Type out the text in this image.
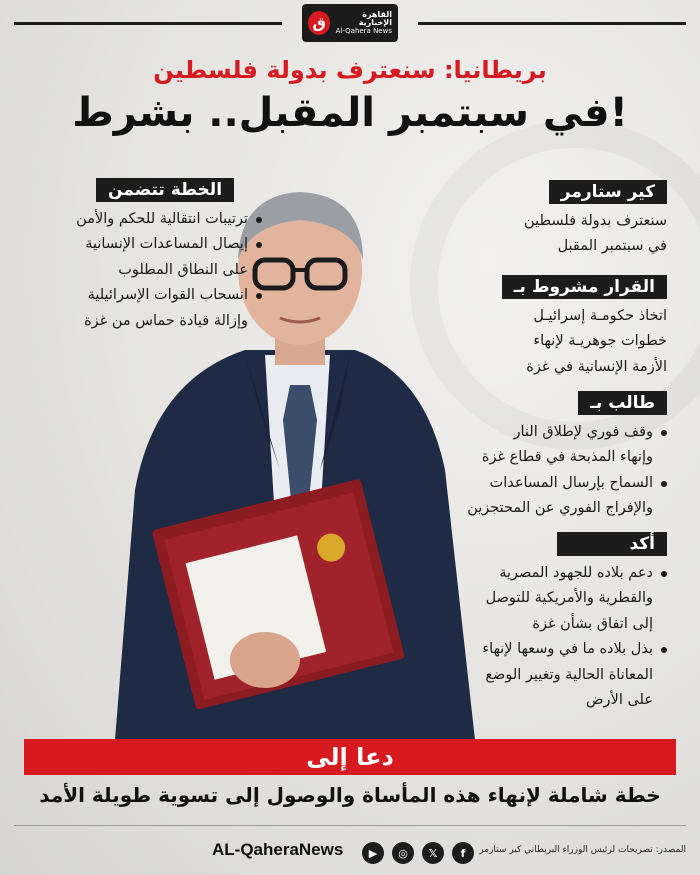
ق	القاهرة الإخبارية
Al-Qahera News
بريطانيا: سنعترف بدولة فلسطين
في سبتمبر المقبل.. بشرط!
الخطة تتضمن
ترتيبات انتقالية للحكم والأمن
إيصال المساعدات الإنسانية
على النطاق المطلوب
انسحاب القوات الإسرائيلية
وإزالة قيادة حماس من غزة
كير ستارمر
سنعترف بدولة فلسطين
في سبتمبر المقبل
القرار مشروط بـ
اتخاذ حكومـة إسرائيـل
خطوات جوهريـة لإنهاء
الأزمة الإنسانية في غزة
طالب بـ
وقف فوري لإطلاق النار
وإنهاء المذبحة في قطاع غزة
السماح بإرسال المساعدات
والإفراج الفوري عن المحتجزين
أكد
دعم بلاده للجهود المصرية
والقطرية والأمريكية للتوصل
إلى اتفاق بشأن غزة
بذل بلاده ما في وسعها لإنهاء
المعاناة الحالية وتغيير الوضع
على الأرض
دعا إلى
خطة شاملة لإنهاء هذه المأساة والوصول إلى تسوية طويلة الأمد
AL-QaheraNews	▶	◎	𝕏	f	المصدر: تصريحات لرئيس الوزراء البريطاني كير ستارمر
